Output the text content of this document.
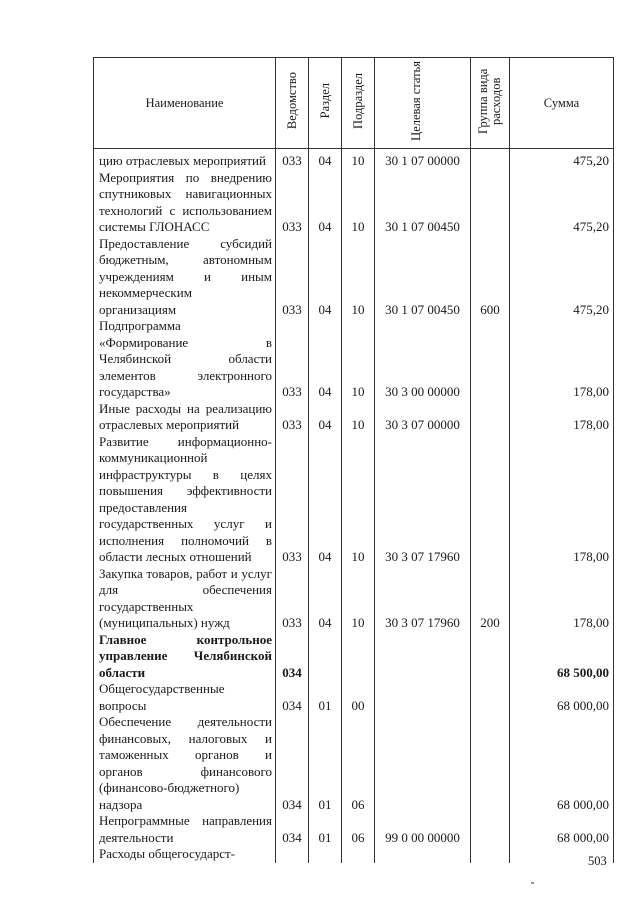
Наименование	Ведомство	Раздел	Подраздел	Целевая статья	Группа вида расходов	Сумма
цию отраслевых мероприятий	033	04	10	30 1 07 00000		475,20
Мероприятия по внедрению спутниковых навигационных технологий с использованием системы ГЛОНАСС	033	04	10	30 1 07 00450		475,20
Предоставление субсидий бюджетным, автономным учреждениям и иным некоммерческим организациям	033	04	10	30 1 07 00450	600	475,20
Подпрограмма «Формирование в Челябинской области элементов электронного государства»	033	04	10	30 3 00 00000		178,00
Иные расходы на реализацию отраслевых мероприятий	033	04	10	30 3 07 00000		178,00
Развитие информационно-коммуникационной инфраструктуры в целях повышения эффективности предоставления государственных услуг и исполнения полномочий в области лесных отношений	033	04	10	30 3 07 17960		178,00
Закупка товаров, работ и услуг для обеспечения государственных (муниципальных) нужд	033	04	10	30 3 07 17960	200	178,00
Главное контрольное управление Челябинской области	034					68 500,00
Общегосударственные вопросы	034	01	00			68 000,00
Обеспечение деятельности финансовых, налоговых и таможенных органов и органов финансового (финансово-бюджетного) надзора	034	01	06			68 000,00
Непрограммные направления деятельности	034	01	06	99 0 00 00000		68 000,00
Расходы общегосударст-							503
